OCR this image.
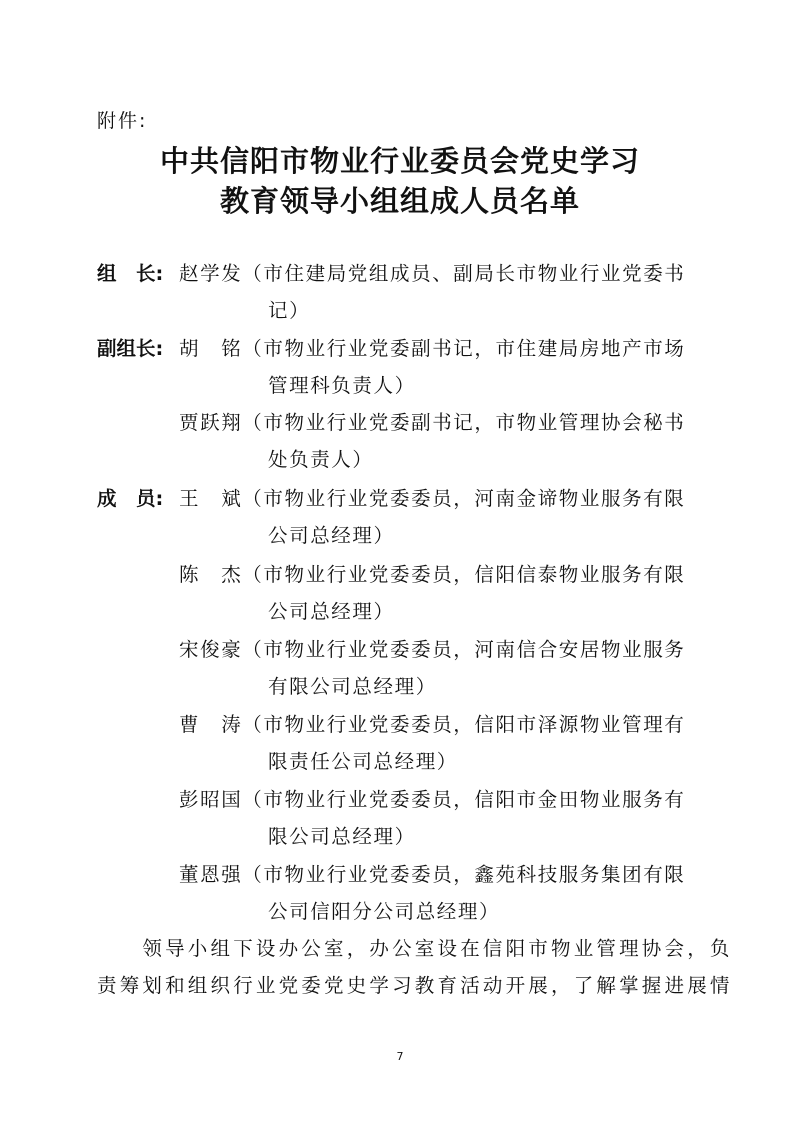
附件:
中共信阳市物业行业委员会党史学习
教育领导小组组成人员名单
组　长: 赵学发（市住建局党组成员、副局长市物业行业党委书
记）
副组长: 胡　铭（市物业行业党委副书记，市住建局房地产市场
管理科负责人）
贾跃翔（市物业行业党委副书记，市物业管理协会秘书
处负责人）
成　员: 王　斌（市物业行业党委委员，河南金谛物业服务有限
公司总经理）
陈　杰（市物业行业党委委员，信阳信泰物业服务有限
公司总经理）
宋俊豪（市物业行业党委委员，河南信合安居物业服务
有限公司总经理）
曹　涛（市物业行业党委委员，信阳市泽源物业管理有
限责任公司总经理）
彭昭国（市物业行业党委委员，信阳市金田物业服务有
限公司总经理）
董恩强（市物业行业党委委员，鑫苑科技服务集团有限
公司信阳分公司总经理）
　　领导小组下设办公室，办公室设在信阳市物业管理协会，负
责筹划和组织行业党委党史学习教育活动开展，了解掌握进展情
7
